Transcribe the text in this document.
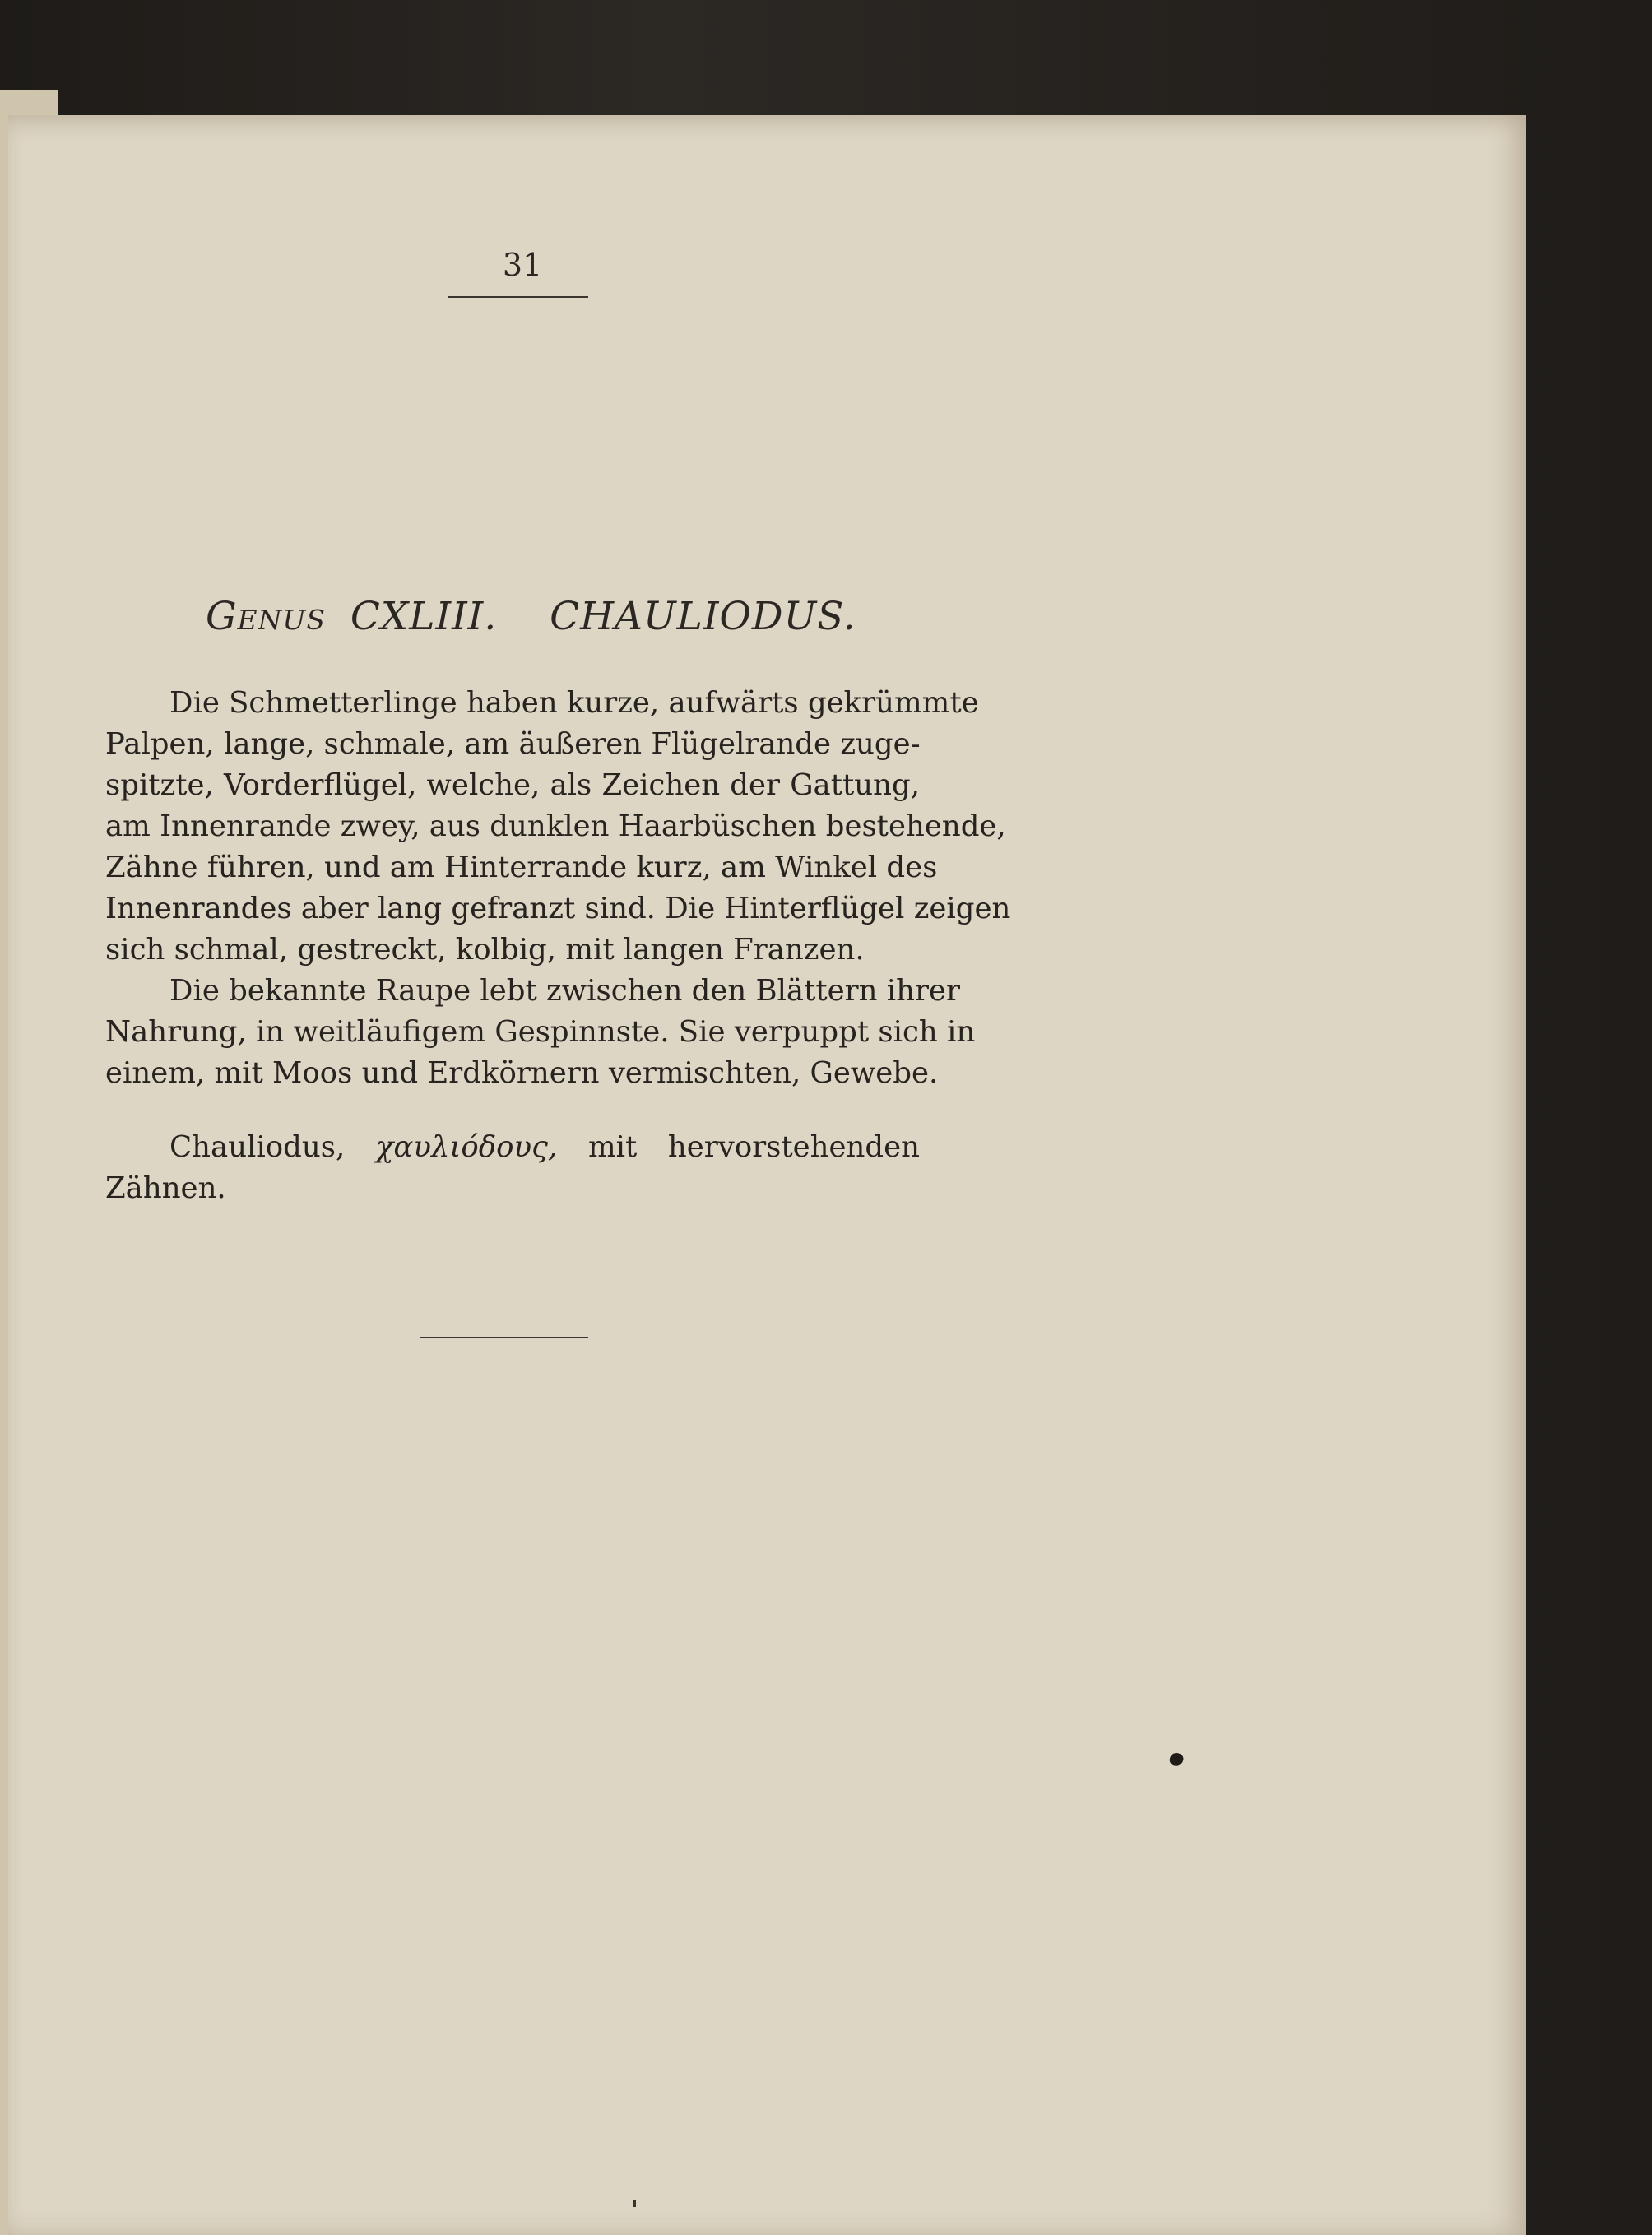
31
Genus CXLIII. CHAULIODUS.
Die Schmetterlinge haben kurze, aufwärts gekrümmte
Palpen, lange, schmale, am äußeren Flügelrande zuge-
spitzte, Vorderflügel, welche, als Zeichen der Gattung,
am Innenrande zwey, aus dunklen Haarbüschen bestehende,
Zähne führen, und am Hinterrande kurz, am Winkel des
Innenrandes aber lang gefranzt sind. Die Hinterflügel zeigen
sich schmal, gestreckt, kolbig, mit langen Franzen.
Die bekannte Raupe lebt zwischen den Blättern ihrer
Nahrung, in weitläufigem Gespinnste. Sie verpuppt sich in
einem, mit Moos und Erdkörnern vermischten, Gewebe.
Chauliodus, χαυλιόδους, mit hervorstehenden
Zähnen.
